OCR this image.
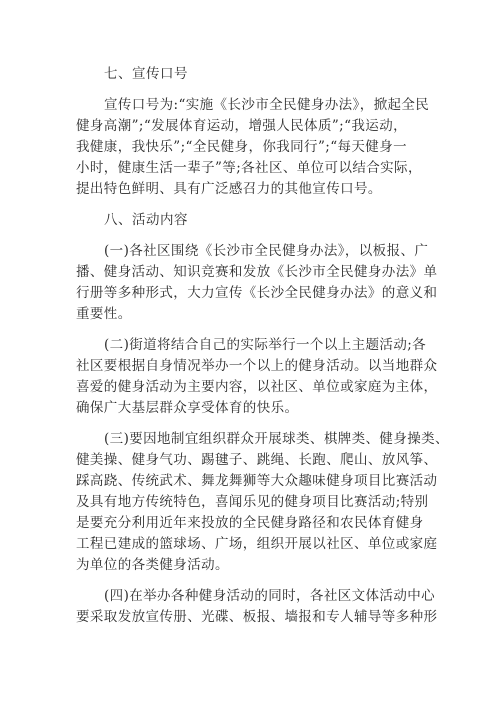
七、宣传口号
宣传口号为:“实施《长沙市全民健身办法》，掀起全民
健身高潮”;“发展体育运动，增强人民体质”;“我运动，
我健康，我快乐”;“全民健身，你我同行”;“每天健身一
小时，健康生活一辈子”等;各社区、单位可以结合实际，
提出特色鲜明、具有广泛感召力的其他宣传口号。
八、活动内容
(一)各社区围绕《长沙市全民健身办法》，以板报、广
播、健身活动、知识竞赛和发放《长沙市全民健身办法》单
行册等多种形式，大力宣传《长沙全民健身办法》的意义和
重要性。
(二)街道将结合自己的实际举行一个以上主题活动;各
社区要根据自身情况举办一个以上的健身活动。以当地群众
喜爱的健身活动为主要内容，以社区、单位或家庭为主体，
确保广大基层群众享受体育的快乐。
(三)要因地制宜组织群众开展球类、棋牌类、健身操类、
健美操、健身气功、踢毽子、跳绳、长跑、爬山、放风筝、
踩高跷、传统武术、舞龙舞狮等大众趣味健身项目比赛活动
及具有地方传统特色，喜闻乐见的健身项目比赛活动;特别
是要充分利用近年来投放的全民健身路径和农民体育健身
工程已建成的篮球场、广场，组织开展以社区、单位或家庭
为单位的各类健身活动。
(四)在举办各种健身活动的同时，各社区文体活动中心
要采取发放宣传册、光碟、板报、墙报和专人辅导等多种形
